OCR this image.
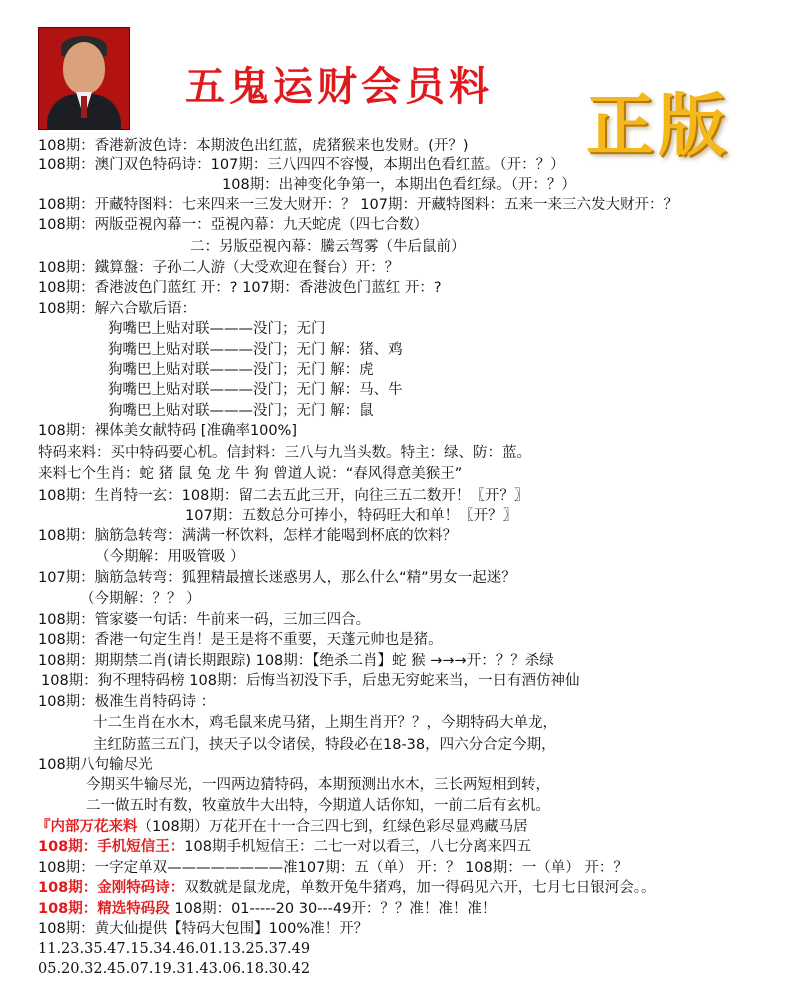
五鬼运财会员料 正版
108期：香港新波色诗：本期波色出红蓝，虎猪猴来也发财。(开？)
108期：澳门双色特码诗：107期：三八四四不容慢，本期出色看红蓝。（开：？）
108期：出神变化争第一，本期出色看红绿。（开：？）
108期：开藏特图料：七来四来一三发大财开：？ 107期：开藏特图料：五来一来三六发大财开：？
108期：两版亞視內幕一：亞視內幕：九天蛇虎（四七合数）
二：另版亞視內幕：騰云驾雾（牛后鼠前）
108期：鐵算盤：子孙二人游（大受欢迎在餐台）开：？
108期：香港波色门蓝红 开：? 107期：香港波色门蓝红 开：?
108期：解六合歇后语：
狗嘴巴上贴对联———没门；无门
狗嘴巴上贴对联———没门；无门 解：猪、鸡
狗嘴巴上贴对联———没门；无门 解：虎
狗嘴巴上贴对联———没门；无门 解：马、牛
狗嘴巴上贴对联———没门；无门 解：鼠
108期：裸体美女献特码 [准确率100%]
特码来料：买中特码要心机。信封料：三八与九当头数。特主：绿、防：蓝。
来料七个生肖：蛇 猪 鼠 兔 龙 牛 狗 曾道人说：“春风得意美猴王”
108期：生肖特一玄：108期：留二去五此三开，向往三五二数开！〖开？〗
107期：五数总分可捧小，特码旺大和单！〖开？〗
108期：脑筋急转弯：满满一杯饮料，怎样才能喝到杯底的饮料？
（今期解：用吸管吸 ）
107期：脑筋急转弯：狐狸精最擅长迷惑男人，那么什么“精”男女一起迷？
（今期解：？？ ）
108期：管家婆一句话：牛前来一码，三加三四合。
108期：香港一句定生肖！是王是将不重要，天蓬元帅也是猪。
108期：期期禁二肖(请长期跟踪) 108期：【绝杀二肖】蛇 猴 →→→开：？？杀绿
108期：狗不理特码榜 108期：后悔当初没下手，后患无穷蛇来当，一日有酒仿神仙
108期：极准生肖特码诗 ：
十二生肖在水木，鸡毛鼠来虎马猪，上期生肖开？？，今期特码大单龙，
主红防蓝三五门，挟天子以令诸侯，特段必在18-38，四六分合定今期，
108期八句输尽光
今期买牛输尽光，一四两边猜特码，本期预测出水木，三长两短相到转，
二一做五时有数，牧童放牛大出特，今期道人话你知，一前二后有玄机。
『内部万花来料（108期）万花开在十一合三四七到，红绿色彩尽显鸡藏马居
108期：手机短信王：108期手机短信王：二七一对以看三，八七分离来四五
108期：一字定单双————————准107期：五（单） 开：？ 108期：一（单） 开：？
108期：金刚特码诗：双数就是鼠龙虎，单数开兔牛猪鸡，加一得码见六开，七月七日银河会。。
108期：精选特码段 108期：01-----20 30---49开：？？准！准！准！
108期：黄大仙提供【特码大包围】100%准！开？
11.23.35.47.15.34.46.01.13.25.37.49
05.20.32.45.07.19.31.43.06.18.30.42
